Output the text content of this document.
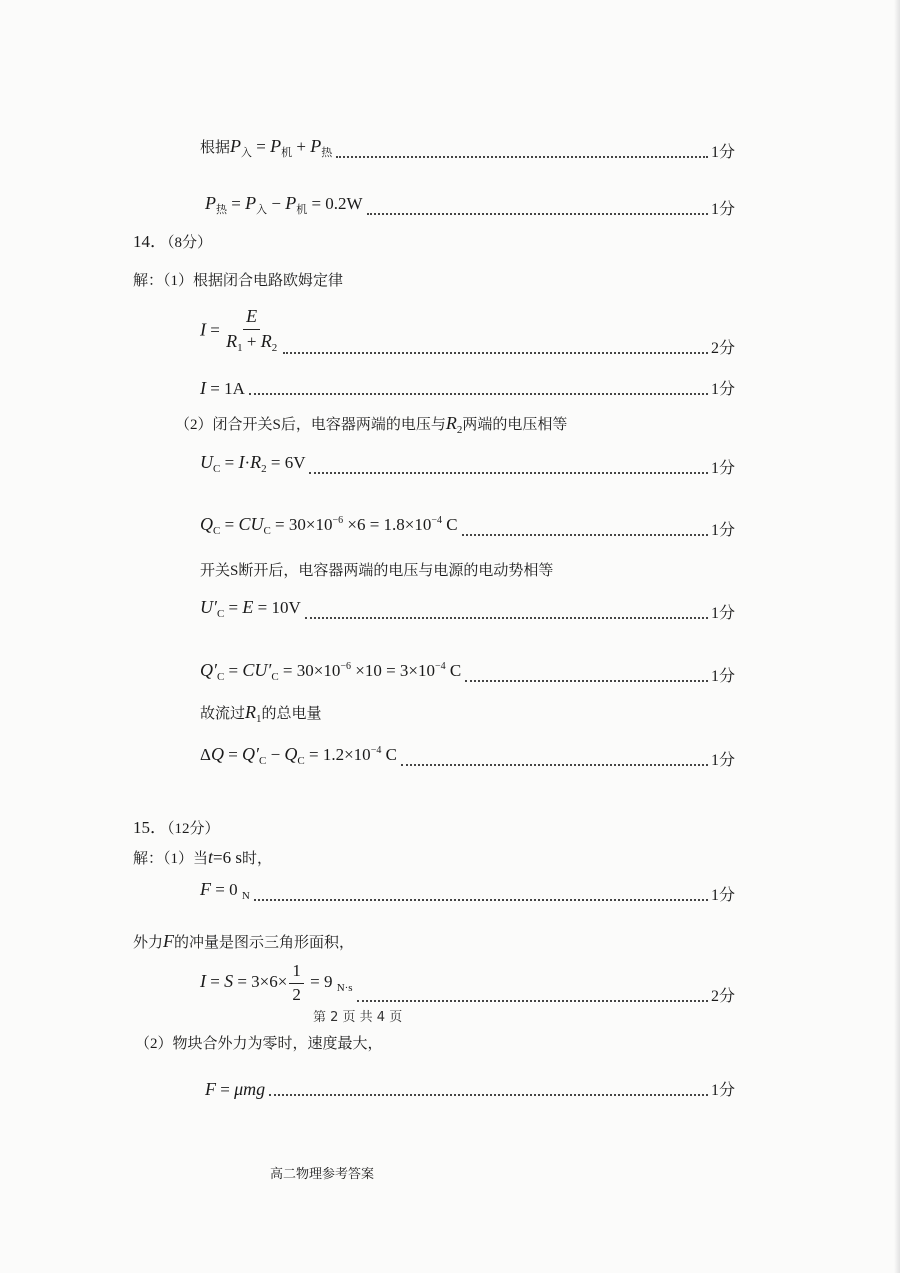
根据$P_入 = P_机 + P_热$	1分
$P_热 = P_入 - P_机 = 0.2W$	1分
14．（8分）
解：（1）根据闭合电路欧姆定律
$I = \frac{E}{R_1 + R_2}$	2分
I = 1A	1分
（2）闭合开关S后，电容器两端的电压与$R_2$两端的电压相等
$U_C = I\cdot R_2 = 6V$	1分
$Q_C = CU_C = 30\times 10^{-6} \times 6 = 1.8\times 10^{-4}$ C	1分
开关S断开后，电容器两端的电压与电源的电动势相等
$U'_C = E = 10V$	1分
$Q'_C = CU'_C = 30\times 10^{-6} \times 10 = 3\times 10^{-4}$ C	1分
故流过$R_1$的总电量
$\Delta Q = Q'_C - Q_C = 1.2\times 10^{-4}$ C	1分
15．（12分）
解：（1）当t=6 s时，
F = 0 $_N$	1分
外力F的冲量是图示三角形面积，
$I = S = 3\times 6\times \frac{1}{2} = 9$ $_{N\cdot s}$	2分
（2）物块合外力为零时，速度最大，
F = μmg	1分
第 2 页 共 4 页
高二物理参考答案
